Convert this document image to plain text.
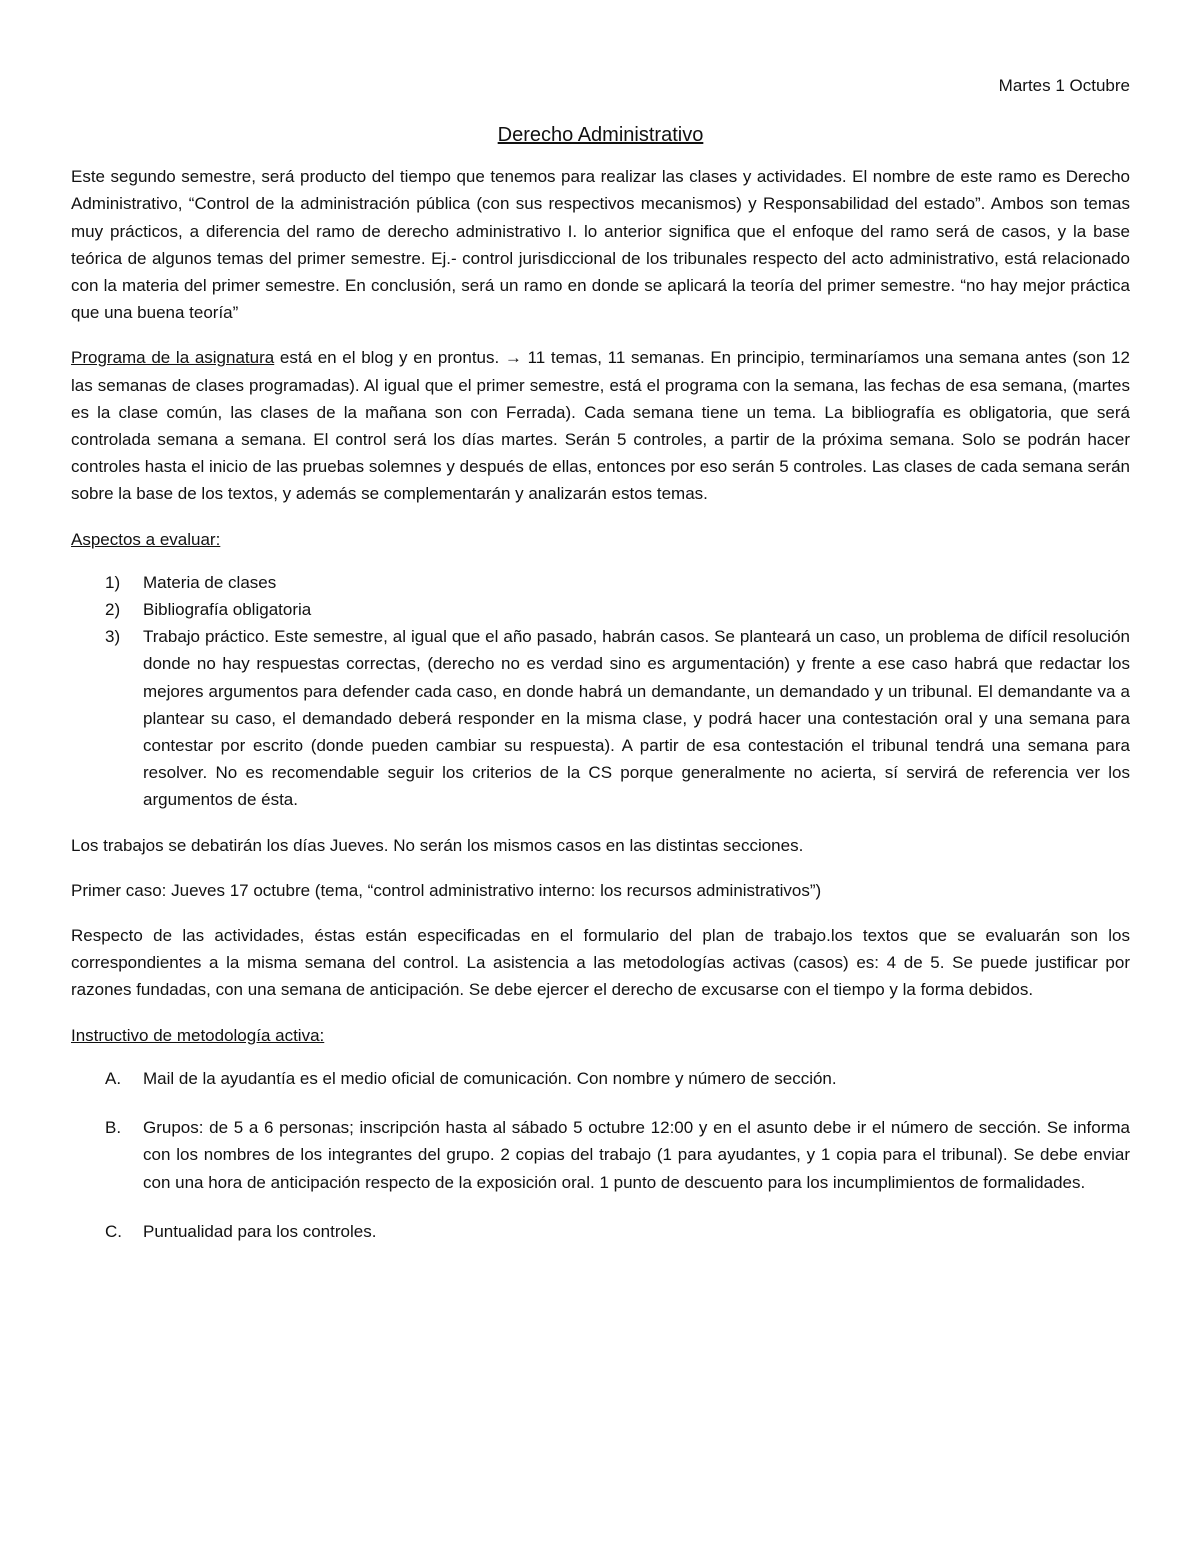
Martes 1 Octubre

Derecho Administrativo

Este segundo semestre, será producto del tiempo que tenemos para realizar las clases y actividades. El nombre de este ramo es Derecho Administrativo, “Control de la administración pública (con sus respectivos mecanismos) y Responsabilidad del estado”. Ambos son temas muy prácticos, a diferencia del ramo de derecho administrativo I. lo anterior significa que el enfoque del ramo será de casos, y la base teórica de algunos temas del primer semestre. Ej.- control jurisdiccional de los tribunales respecto del acto administrativo, está relacionado con la materia del primer semestre. En conclusión, será un ramo en donde se aplicará la teoría del primer semestre. “no hay mejor práctica que una buena teoría”

Programa de la asignatura está en el blog y en prontus. → 11 temas, 11 semanas. En principio, terminaríamos una semana antes (son 12 las semanas de clases programadas). Al igual que el primer semestre, está el programa con la semana, las fechas de esa semana, (martes es la clase común, las clases de la mañana son con Ferrada). Cada semana tiene un tema. La bibliografía es obligatoria, que será controlada semana a semana. El control será los días martes. Serán 5 controles, a partir de la próxima semana. Solo se podrán hacer controles hasta el inicio de las pruebas solemnes y después de ellas, entonces por eso serán 5 controles. Las clases de cada semana serán sobre la base de los textos, y además se complementarán y analizarán estos temas.

Aspectos a evaluar:

1) Materia de clases
2) Bibliografía obligatoria
3) Trabajo práctico. Este semestre, al igual que el año pasado, habrán casos. Se planteará un caso, un problema de difícil resolución donde no hay respuestas correctas, (derecho no es verdad sino es argumentación) y frente a ese caso habrá que redactar los mejores argumentos para defender cada caso, en donde habrá un demandante, un demandado y un tribunal. El demandante va a plantear su caso, el demandado deberá responder en la misma clase, y podrá hacer una contestación oral y una semana para contestar por escrito (donde pueden cambiar su respuesta). A partir de esa contestación el tribunal tendrá una semana para resolver. No es recomendable seguir los criterios de la CS porque generalmente no acierta, sí servirá de referencia ver los argumentos de ésta.

Los trabajos se debatirán los días Jueves. No serán los mismos casos en las distintas secciones.

Primer caso: Jueves 17 octubre (tema, “control administrativo interno: los recursos administrativos”)

Respecto de las actividades, éstas están especificadas en el formulario del plan de trabajo.los textos que se evaluarán son los correspondientes a la misma semana del control. La asistencia a las metodologías activas (casos) es: 4 de 5. Se puede justificar por razones fundadas, con una semana de anticipación. Se debe ejercer el derecho de excusarse con el tiempo y la forma debidos.

Instructivo de metodología activa:

A. Mail de la ayudantía es el medio oficial de comunicación. Con nombre y número de sección.
B. Grupos: de 5 a 6 personas; inscripción hasta al sábado 5 octubre 12:00 y en el asunto debe ir el número de sección. Se informa con los nombres de los integrantes del grupo. 2 copias del trabajo (1 para ayudantes, y 1 copia para el tribunal). Se debe enviar con una hora de anticipación respecto de la exposición oral. 1 punto de descuento para los incumplimientos de formalidades.
C. Puntualidad para los controles.
